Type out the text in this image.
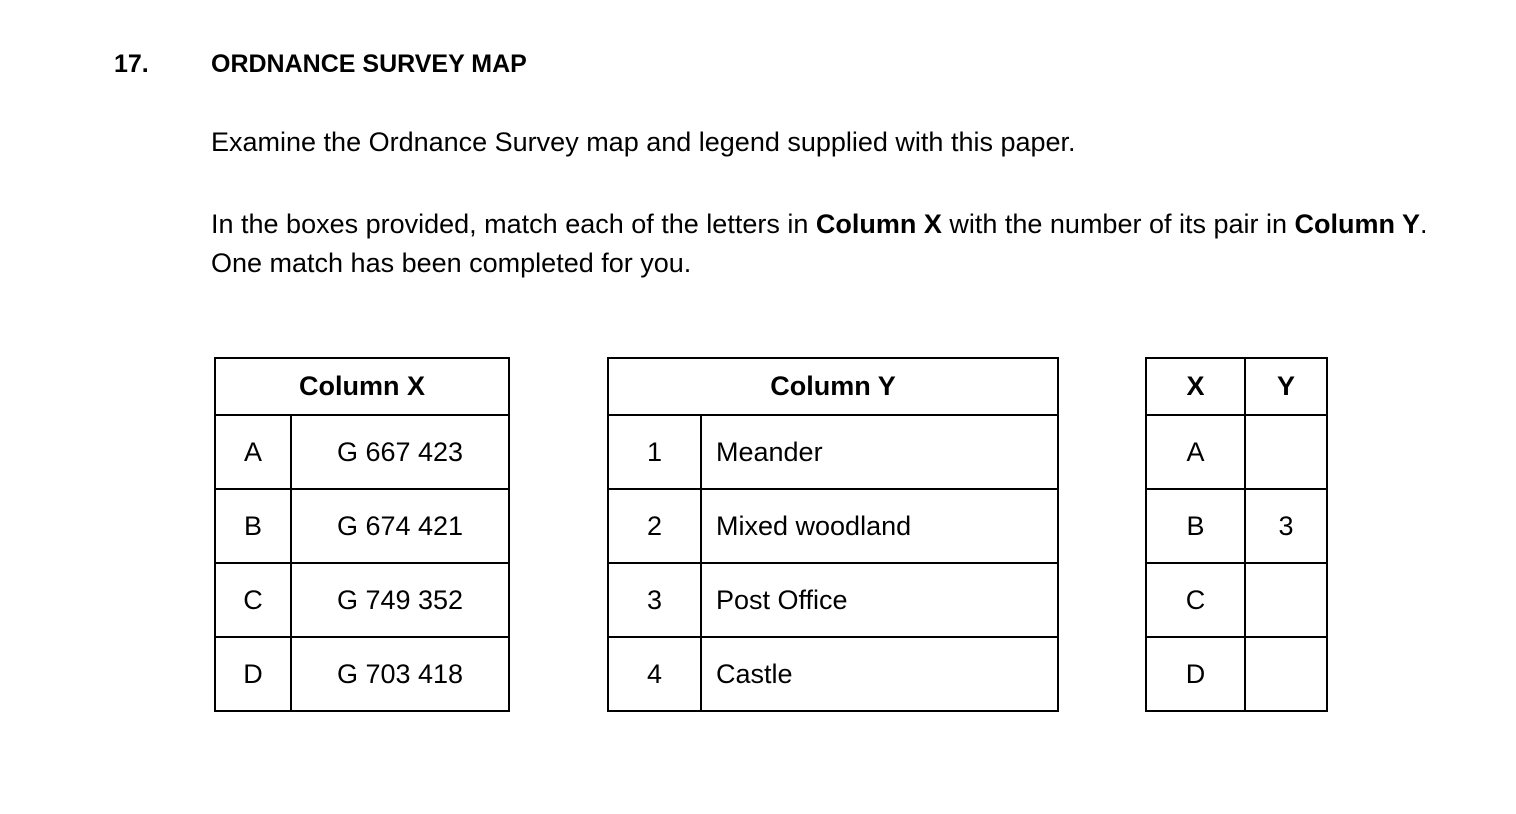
17. ORDNANCE SURVEY MAP

Examine the Ordnance Survey map and legend supplied with this paper.

In the boxes provided, match each of the letters in Column X with the number of its pair in Column Y. One match has been completed for you.

Column X	
A	G 667 423
B	G 674 421
C	G 749 352
D	G 703 418
Column Y	
1	Meander
2	Mixed woodland
3	Post Office
4	Castle
X	Y
A	
B	3
C	
D	
